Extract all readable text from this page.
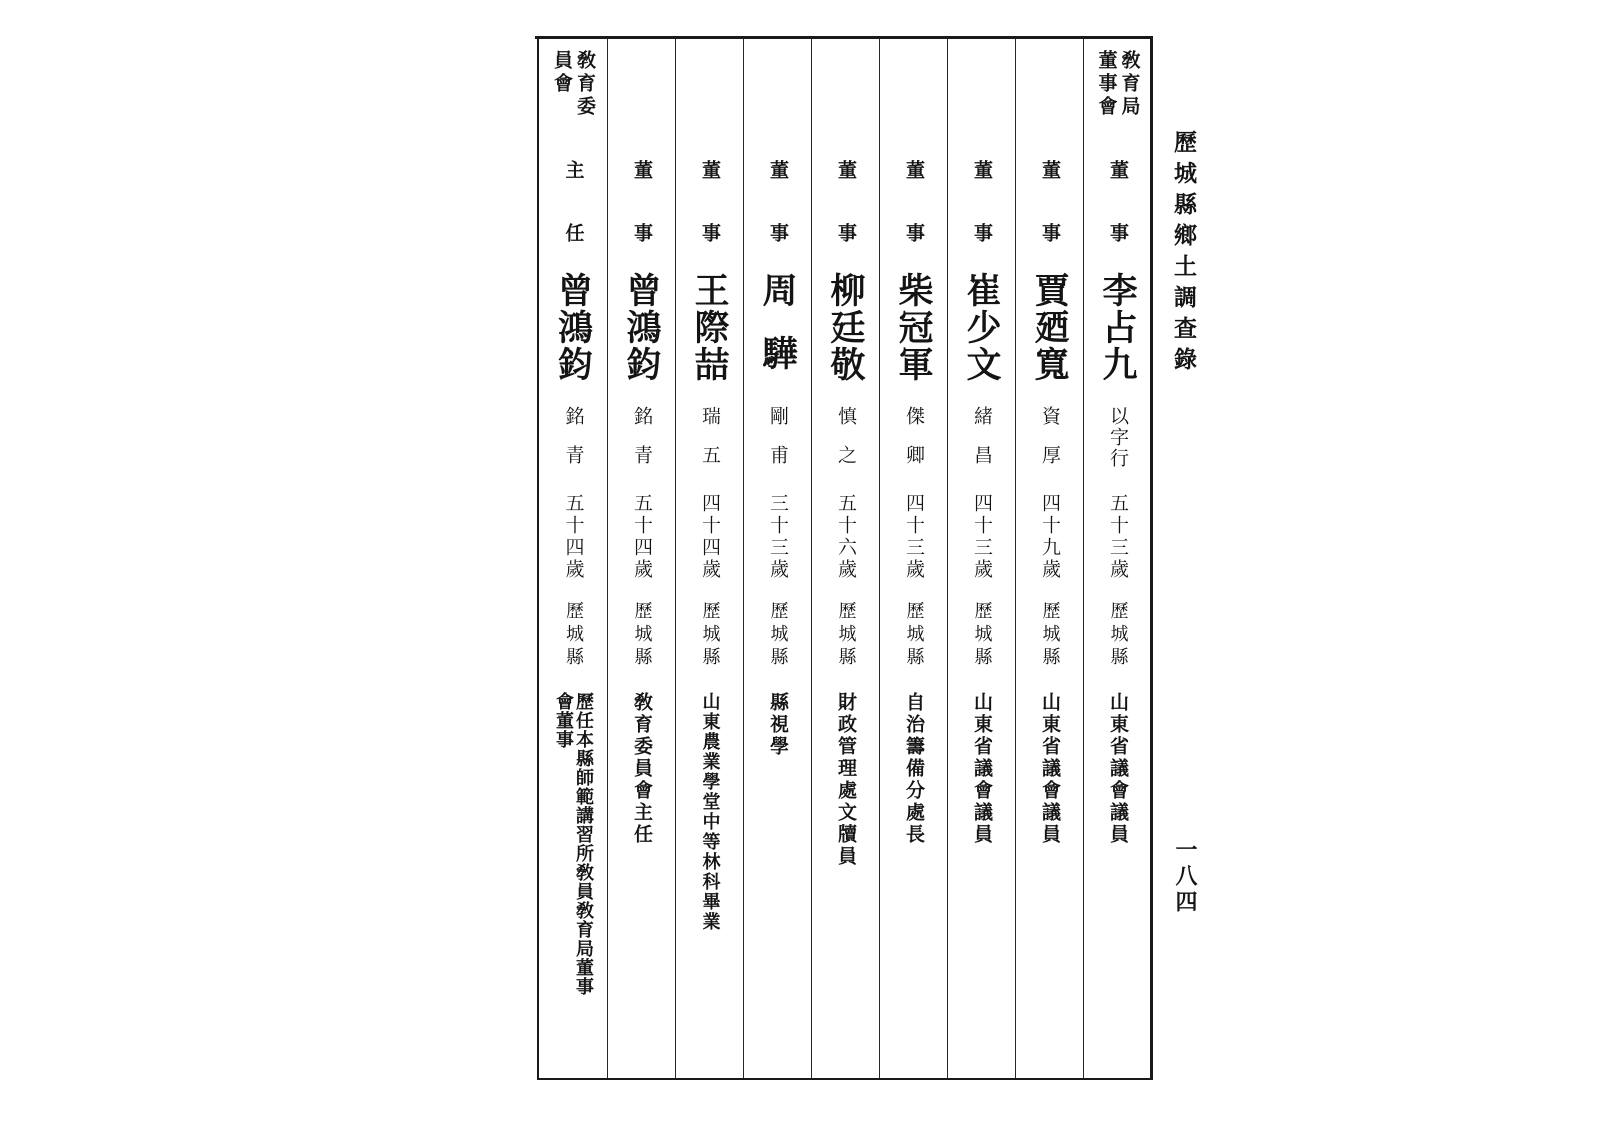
歷城縣鄉土調查錄
一八四
敎育局
董事會
董事
李占九
以字行
五十三歲
歷城縣
山東省議會議員
董事
賈廼寬
資厚
四十九歲
歷城縣
山東省議會議員
董事
崔少文
緒昌
四十三歲
歷城縣
山東省議會議員
董事
柴冠軍
傑卿
四十三歲
歷城縣
自治籌備分處長
董事
柳廷敬
慎之
五十六歲
歷城縣
財政管理處文牘員
董事
周驊
剛甫
三十三歲
歷城縣
縣視學
董事
王際喆
瑞五
四十四歲
歷城縣
山東農業學堂中等林科畢業
董事
曾鴻鈞
銘青
五十四歲
歷城縣
敎育委員會主任
敎育委
員會
主任
曾鴻鈞
銘青
五十四歲
歷城縣
歷任本縣師範講習所敎員敎育局董事
會董事
